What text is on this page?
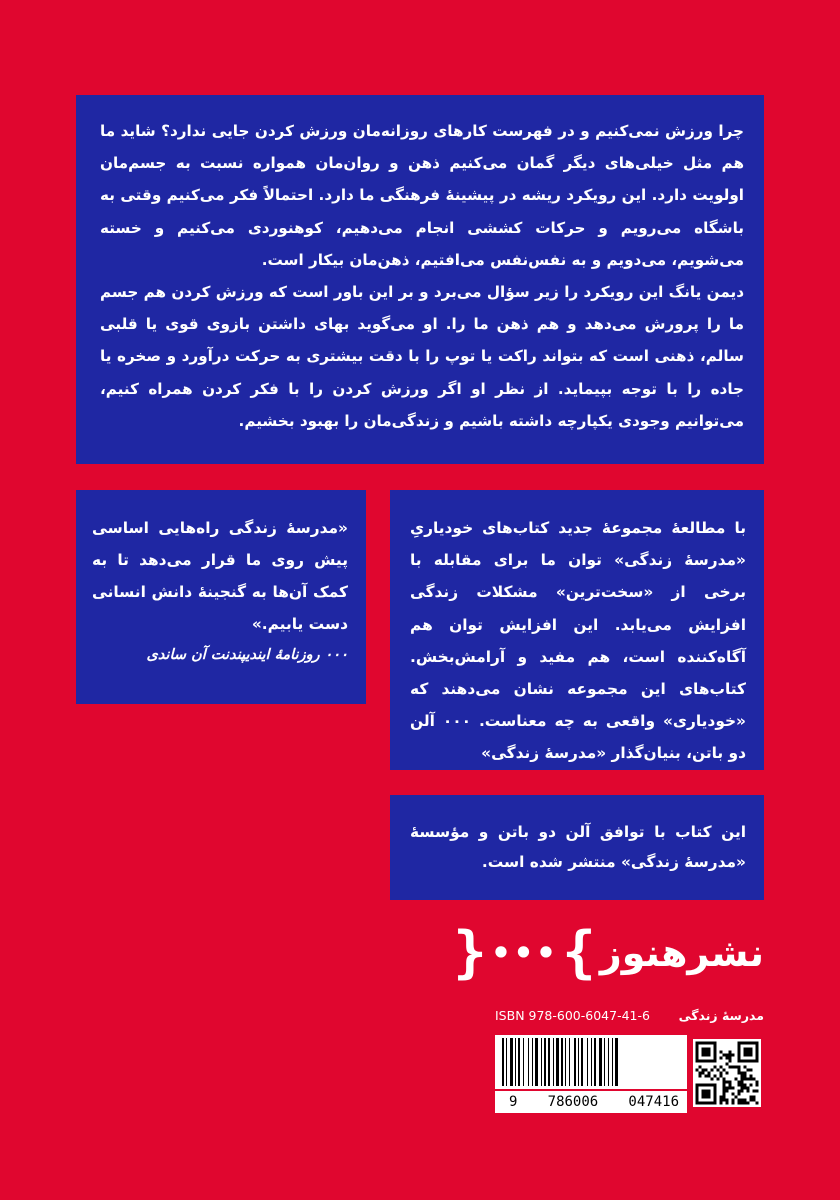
چرا ورزش نمی‌کنیم و در فهرست کارهای روزانه‌مان ورزش کردن جایی ندارد؟ شاید ما هم مثل خیلی‌های دیگر گمان می‌کنیم ذهن و روان‌مان همواره نسبت به جسم‌مان اولویت دارد. این رویکرد ریشه در پیشینهٔ فرهنگی ما دارد. احتمالاً فکر می‌کنیم وقتی به باشگاه می‌رویم و حرکات کششی انجام می‌دهیم، کوهنوردی می‌کنیم و خسته می‌شویم، می‌دویم و به نفس‌نفس می‌افتیم، ذهن‌مان بیکار است.

دیمن یانگ این رویکرد را زیر سؤال می‌برد و بر این باور است که ورزش کردن هم جسم ما را پرورش می‌دهد و هم ذهن ما را. او می‌گوید بهای داشتن بازوی قوی یا قلبی سالم، ذهنی است که بتواند راکت یا توپ را با دقت بیشتری به حرکت درآورد و صخره یا جاده را با توجه بپیماید. از نظر او اگر ورزش کردن را با فکر کردن همراه کنیم، می‌توانیم وجودی یکپارچه داشته باشیم و زندگی‌مان را بهبود بخشیم.

«مدرسهٔ زندگی راه‌هایی اساسی پیش روی ما قرار می‌دهد تا به کمک آن‌ها به گنجینهٔ دانش انسانی دست یابیم.»

۰۰۰ روزنامهٔ ایندیپندنت آن ساندی

با مطالعهٔ مجموعهٔ جدید کتاب‌های خودیاریِ «مدرسهٔ زندگی» توان ما برای مقابله با برخی از «سخت‌ترین» مشکلات زندگی افزایش می‌یابد. این افزایش توان هم آگاه‌کننده است، هم مفید و آرامش‌بخش. کتاب‌های این مجموعه نشان می‌دهند که «خودیاری» واقعی به چه معناست. ۰۰۰ آلن دو باتن، بنیان‌گذار «مدرسهٔ زندگی»

این کتاب با توافق آلن دو باتن و مؤسسهٔ «مدرسهٔ زندگی» منتشر شده است.

نشرهنوز
}
•••
{
ISBN 978-600-6047-41-6 مدرسهٔ زندگی
9 786006 047416
